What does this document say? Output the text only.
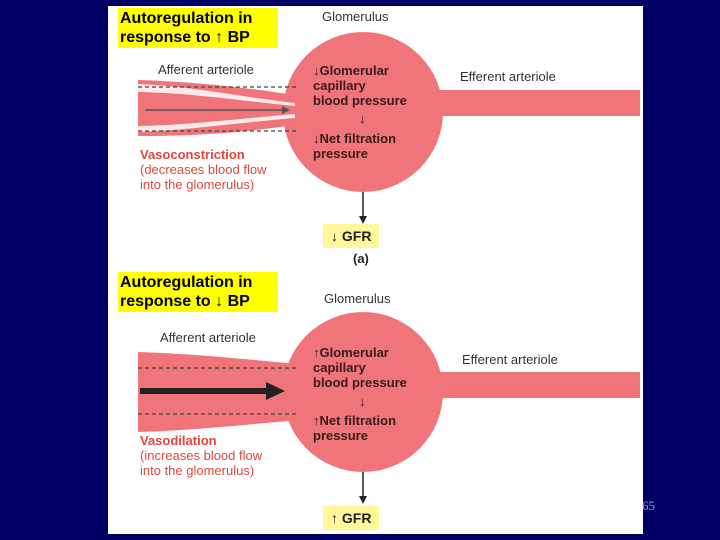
Autoregulation in
response to ↑ BP
Glomerulus
Afferent arteriole	Efferent arteriole
↓Glomerular
capillary
blood pressure
↓
↓Net filtration
pressure
Vasoconstriction
(decreases blood flow
into the glomerulus)
↓ GFR
(a)
Autoregulation in
response to ↓ BP	Glomerulus
Afferent arteriole
Efferent arteriole
↑Glomerular
capillary
blood pressure
↓
↑Net filtration
pressure
Vasodilation
(increases blood flow
into the glomerulus)
↑ GFR
65
